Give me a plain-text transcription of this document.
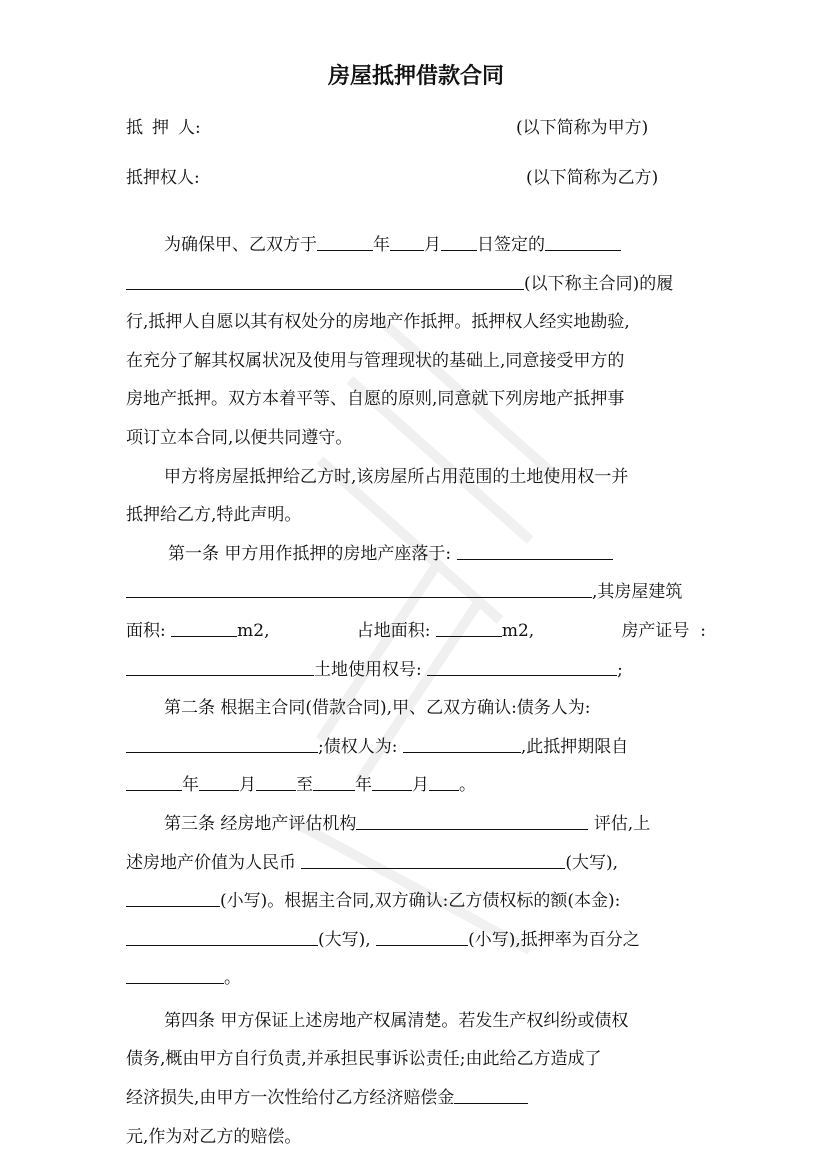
房屋抵押借款合同
抵 押 人:	(以下简称为甲方)
抵押权人:	(以下简称为乙方)
为确保甲、乙双方于	年 月 日签定的
(以下称主合同)的履
行,抵押人自愿以其有权处分的房地产作抵押。抵押权人经实地勘验,
在充分了解其权属状况及使用与管理现状的基础上,同意接受甲方的
房地产抵押。双方本着平等、自愿的原则,同意就下列房地产抵押事
项订立本合同,以便共同遵守。
甲方将房屋抵押给乙方时,该房屋所占用范围的土地使用权一并
抵押给乙方,特此声明。
第一条 甲方用作抵押的房地产座落于:
,其房屋建筑
面积:	m2,	占地面积:	m2,	房产证号 :
土地使用权号:	;
第二条 根据主合同(借款合同),甲、乙双方确认:债务人为:
;债权人为:	,此抵押期限自
年 月 至 年 月 。
第三条 经房地产评估机构	评估,上
述房地产价值为人民币	(大写),
(小写)。根据主合同,双方确认:乙方债权标的额(本金):
(大写),	(小写),抵押率为百分之
。
第四条 甲方保证上述房地产权属清楚。若发生产权纠纷或债权
债务,概由甲方自行负责,并承担民事诉讼责任;由此给乙方造成了
经济损失,由甲方一次性给付乙方经济赔偿金
元,作为对乙方的赔偿。
